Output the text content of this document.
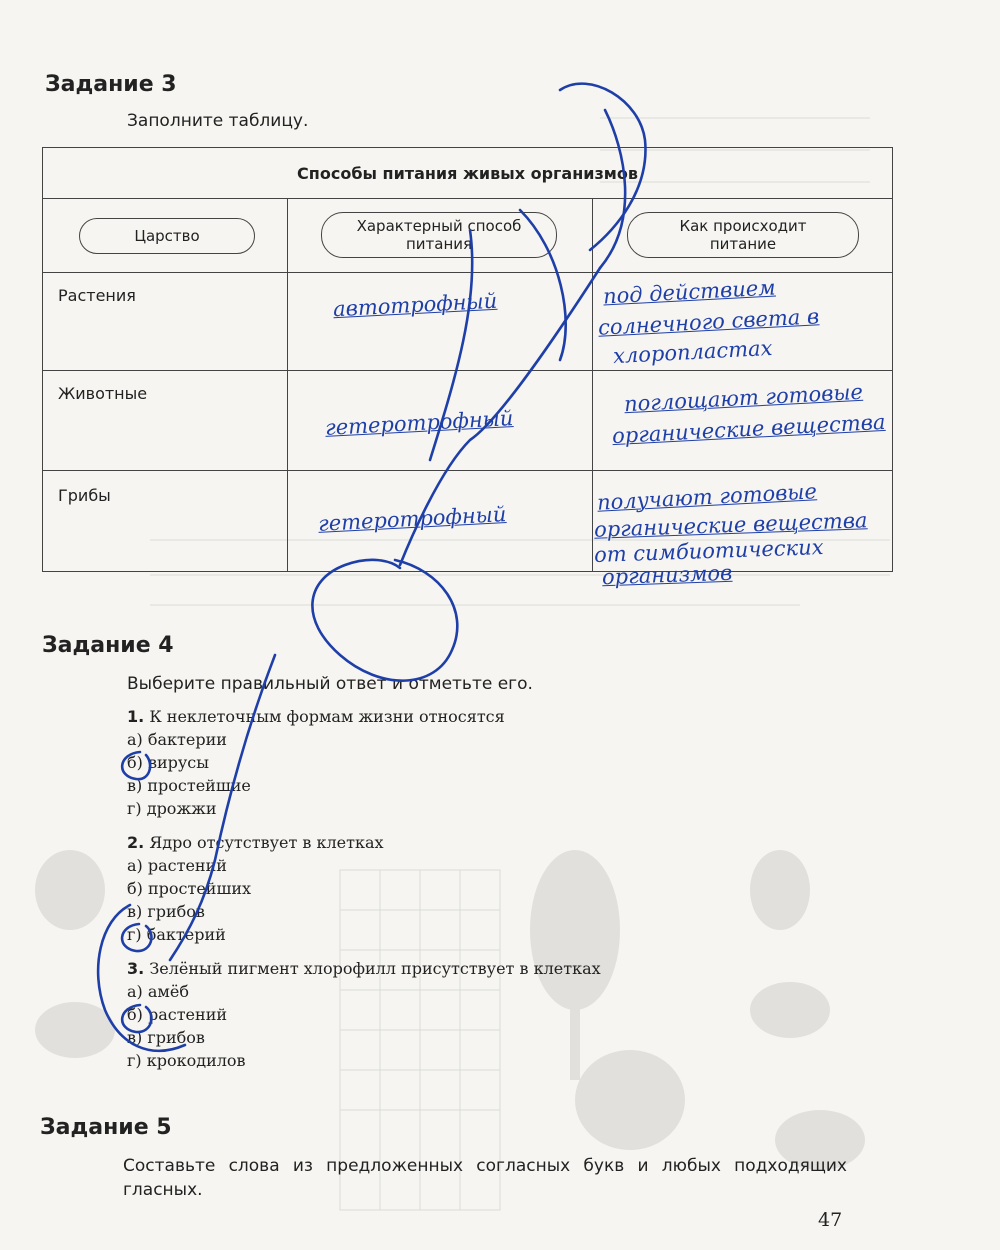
Задание 3
Заполните таблицу.
Способы питания живых организмов
Царство
Характерный способ питания
Как происходит питание
Растения
Животные
Грибы
автотрофный	под действием
солнечного света в
хлоропластах
гетеротрофный
поглощают готовые
органические вещества
гетеротрофный
получают готовые
органические вещества
от симбиотических
организмов
Задание 4
Выберите правильный ответ и отметьте его.
1. К неклеточным формам жизни относятся
а) бактерии
б) вирусы
в) простейшие
г) дрожжи
2. Ядро отсутствует в клетках
а) растений
б) простейших
в) грибов
г) бактерий
3. Зелёный пигмент хлорофилл присутствует в клетках
а) амёб
б) растений
в) грибов
г) крокодилов
Задание 5
Составьте слова из предложенных согласных букв и любых подходящих гласных.
47
